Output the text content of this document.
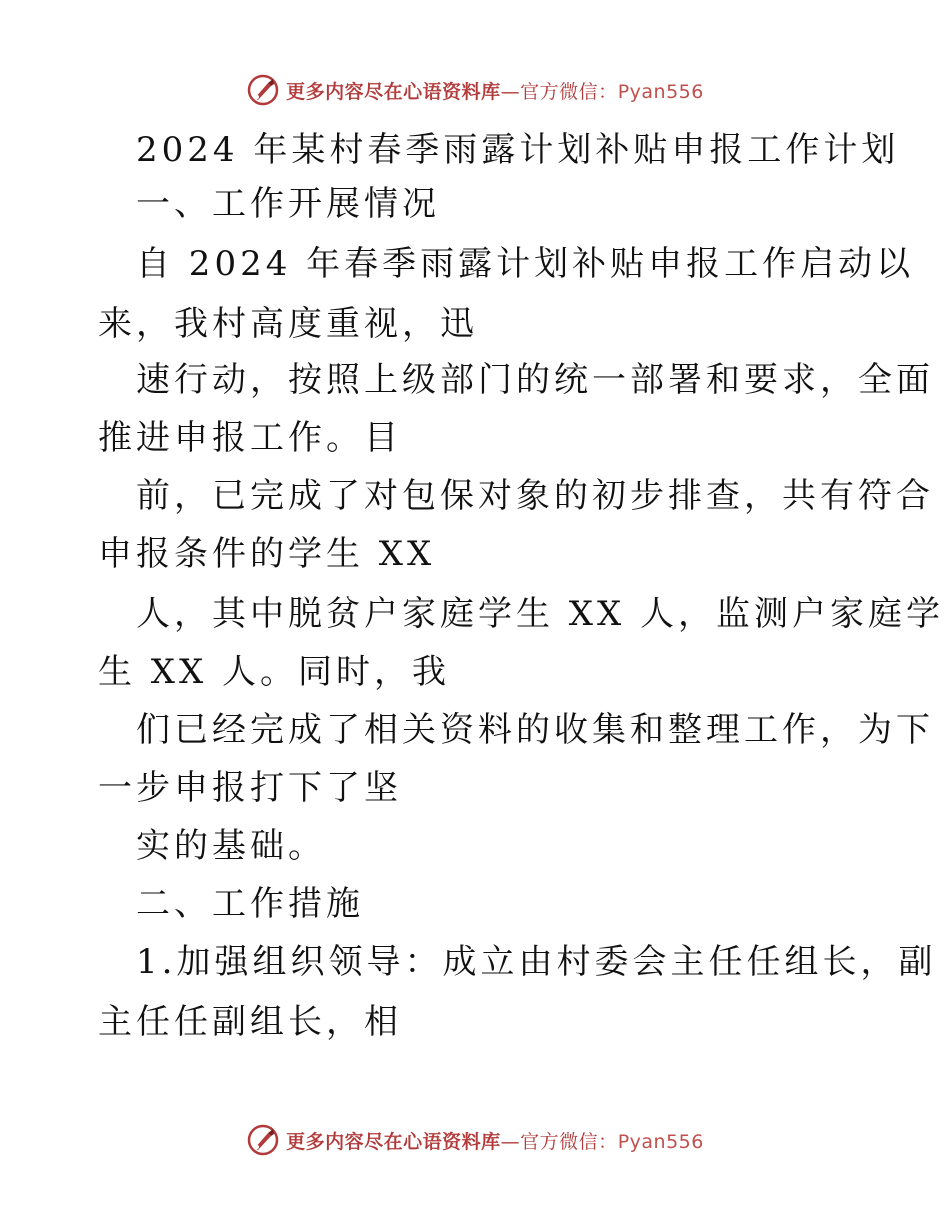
更多内容尽在心语资料库—官方微信：Pyan556
2024 年某村春季雨露计划补贴申报工作计划
一、工作开展情况
自 2024 年春季雨露计划补贴申报工作启动以
来，我村高度重视，迅
速行动，按照上级部门的统一部署和要求，全面
推进申报工作。目
前，已完成了对包保对象的初步排查，共有符合
申报条件的学生 XX
人，其中脱贫户家庭学生 XX 人，监测户家庭学
生 XX 人。同时，我
们已经完成了相关资料的收集和整理工作，为下
一步申报打下了坚
实的基础。
二、工作措施
1.加强组织领导：成立由村委会主任任组长，副
主任任副组长，相
更多内容尽在心语资料库—官方微信：Pyan556
